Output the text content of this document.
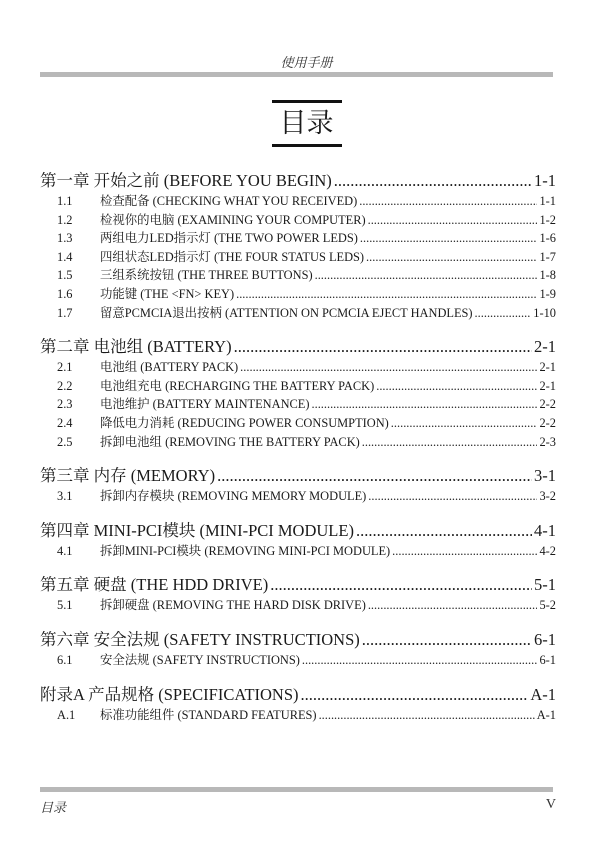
使用手册
目录
第一章 开始之前 (BEFORE YOU BEGIN) .....	1-1
1.1 检查配备 (CHECKING WHAT YOU RECEIVED) .....	1-1
1.2 检视你的电脑 (EXAMINING YOUR COMPUTER) .....	1-2
1.3 两组电力LED指示灯 (THE TWO POWER LEDS) .....	1-6
1.4 四组状态LED指示灯 (THE FOUR STATUS LEDS) .....	1-7
1.5 三组系统按钮 (THE THREE BUTTONS) .....	1-8
1.6 功能键 (THE <FN> KEY) .....	1-9
1.7 留意PCMCIA退出按柄 (ATTENTION ON PCMCIA EJECT HANDLES) .....	1-10
第二章 电池组 (BATTERY) .....	2-1
2.1 电池组 (BATTERY PACK) .....	2-1
2.2 电池组充电 (RECHARGING THE BATTERY PACK) .....	2-1
2.3 电池维护 (BATTERY MAINTENANCE) .....	2-2
2.4 降低电力消耗 (REDUCING POWER CONSUMPTION) .....	2-2
2.5 拆卸电池组 (REMOVING THE BATTERY PACK) .....	2-3
第三章 内存 (MEMORY) .....	3-1
3.1 拆卸内存模块 (REMOVING MEMORY MODULE) .....	3-2
第四章 MINI-PCI模块 (MINI-PCI MODULE) .....	4-1
4.1 拆卸MINI-PCI模块 (REMOVING MINI-PCI MODULE) .....	4-2
第五章 硬盘 (THE HDD DRIVE) .....	5-1
5.1 拆卸硬盘 (REMOVING THE HARD DISK DRIVE) .....	5-2
第六章 安全法规 (SAFETY INSTRUCTIONS) .....	6-1
6.1 安全法规 (SAFETY INSTRUCTIONS) .....	6-1
附录A 产品规格 (SPECIFICATIONS) .....	A-1
A.1 标准功能组件 (STANDARD FEATURES) .....	A-1
目录	V
